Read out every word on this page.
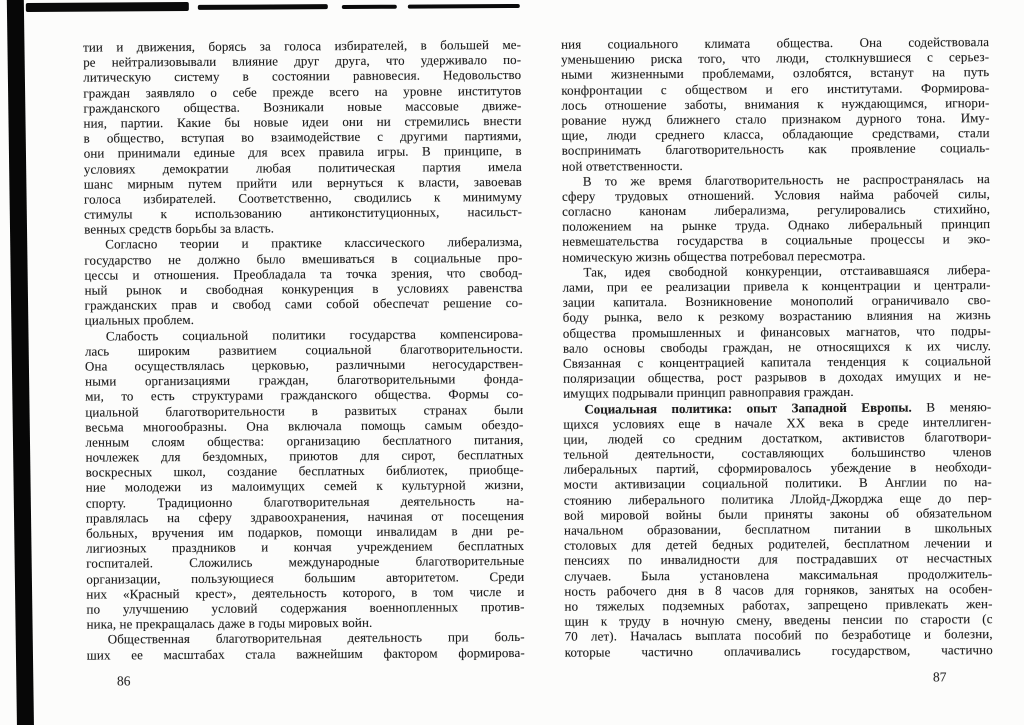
тии и движения, борясь за голоса избирателей, в большей ме-
ре нейтрализовывали влияние друг друга, что удерживало по-
литическую систему в состоянии равновесия. Недовольство
граждан заявляло о себе прежде всего на уровне институтов
гражданского общества. Возникали новые массовые движе-
ния, партии. Какие бы новые идеи они ни стремились внести
в общество, вступая во взаимодействие с другими партиями,
они принимали единые для всех правила игры. В принципе, в
условиях демократии любая политическая партия имела
шанс мирным путем прийти или вернуться к власти, завоевав
голоса избирателей. Соответственно, сводились к минимуму
стимулы к использованию антиконституционных, насильст-
венных средств борьбы за власть.
Согласно теории и практике классического либерализма,
государство не должно было вмешиваться в социальные про-
цессы и отношения. Преобладала та точка зрения, что свобод-
ный рынок и свободная конкуренция в условиях равенства
гражданских прав и свобод сами собой обеспечат решение со-
циальных проблем.
Слабость социальной политики государства компенсирова-
лась широким развитием социальной благотворительности.
Она осуществлялась церковью, различными негосударствен-
ными организациями граждан, благотворительными фонда-
ми, то есть структурами гражданского общества. Формы со-
циальной благотворительности в развитых странах были
весьма многообразны. Она включала помощь самым обездо-
ленным слоям общества: организацию бесплатного питания,
ночлежек для бездомных, приютов для сирот, бесплатных
воскресных школ, создание бесплатных библиотек, приобще-
ние молодежи из малоимущих семей к культурной жизни,
спорту. Традиционно благотворительная деятельность на-
правлялась на сферу здравоохранения, начиная от посещения
больных, вручения им подарков, помощи инвалидам в дни ре-
лигиозных праздников и кончая учреждением бесплатных
госпиталей. Сложились международные благотворительные
организации, пользующиеся большим авторитетом. Среди
них «Красный крест», деятельность которого, в том числе и
по улучшению условий содержания военнопленных против-
ника, не прекращалась даже в годы мировых войн.
Общественная благотворительная деятельность при боль-
ших ее масштабах стала важнейшим фактором формирова-
ния социального климата общества. Она содействовала
уменьшению риска того, что люди, столкнувшиеся с серьез-
ными жизненными проблемами, озлобятся, встанут на путь
конфронтации с обществом и его институтами. Формирова-
лось отношение заботы, внимания к нуждающимся, игнори-
рование нужд ближнего стало признаком дурного тона. Иму-
щие, люди среднего класса, обладающие средствами, стали
воспринимать благотворительность как проявление социаль-
ной ответственности.
В то же время благотворительность не распространялась на
сферу трудовых отношений. Условия найма рабочей силы,
согласно канонам либерализма, регулировались стихийно,
положением на рынке труда. Однако либеральный принцип
невмешательства государства в социальные процессы и эко-
номическую жизнь общества потребовал пересмотра.
Так, идея свободной конкуренции, отстаивавшаяся либера-
лами, при ее реализации привела к концентрации и централи-
зации капитала. Возникновение монополий ограничивало сво-
боду рынка, вело к резкому возрастанию влияния на жизнь
общества промышленных и финансовых магнатов, что подры-
вало основы свободы граждан, не относящихся к их числу.
Связанная с концентрацией капитала тенденция к социальной
поляризации общества, рост разрывов в доходах имущих и не-
имущих подрывали принцип равноправия граждан.
Социальная политика: опыт Западной Европы. В меняю-
щихся условиях еще в начале XX века в среде интеллиген-
ции, людей со средним достатком, активистов благотвори-
тельной деятельности, составляющих большинство членов
либеральных партий, сформировалось убеждение в необходи-
мости активизации социальной политики. В Англии по на-
стоянию либерального политика Ллойд-Джорджа еще до пер-
вой мировой войны были приняты законы об обязательном
начальном образовании, бесплатном питании в школьных
столовых для детей бедных родителей, бесплатном лечении и
пенсиях по инвалидности для пострадавших от несчастных
случаев. Была установлена максимальная продолжитель-
ность рабочего дня в 8 часов для горняков, занятых на особен-
но тяжелых подземных работах, запрещено привлекать жен-
щин к труду в ночную смену, введены пенсии по старости (с
70 лет). Началась выплата пособий по безработице и болезни,
которые частично оплачивались государством, частично
86	87
